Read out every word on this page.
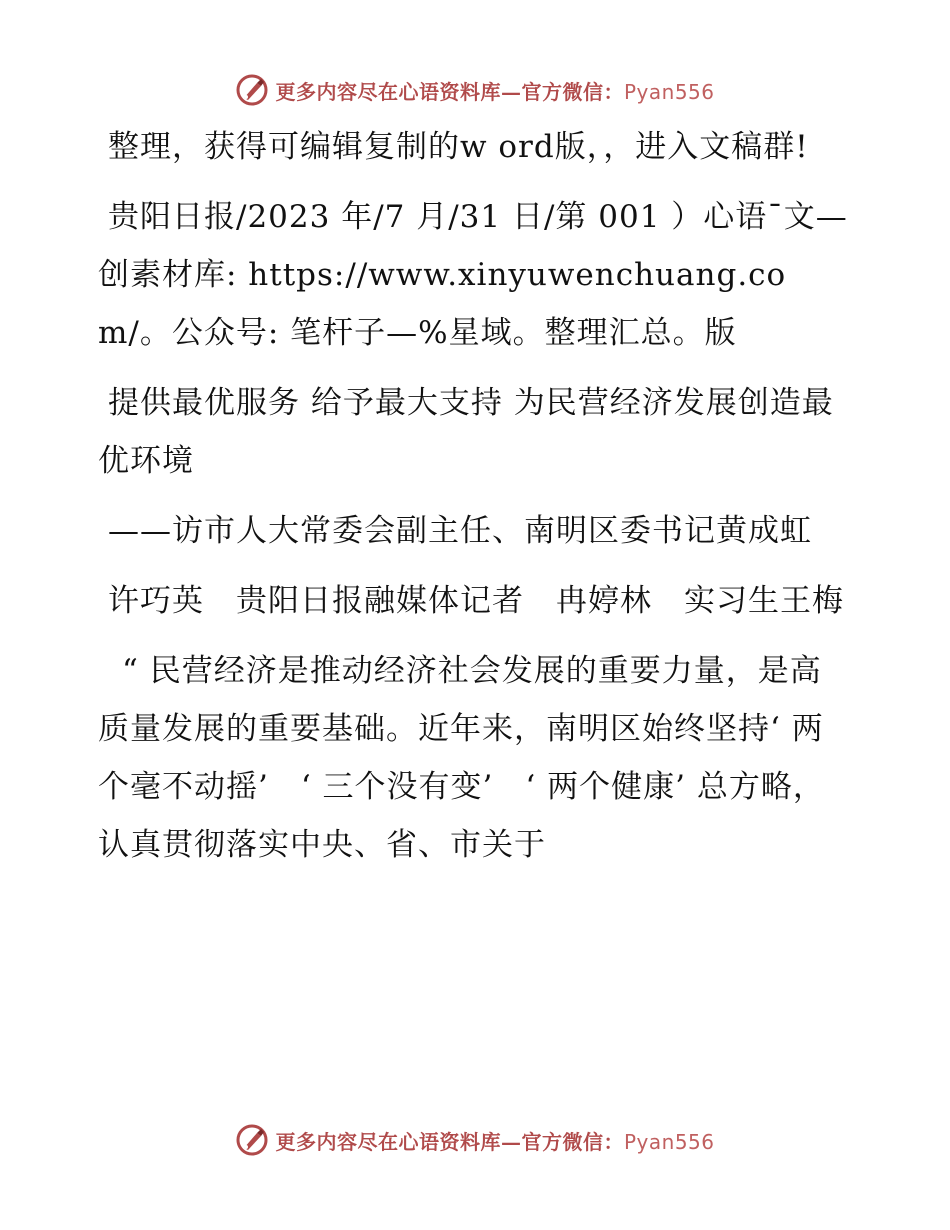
更多内容尽在心语资料库—官方微信：Pyan556

整理，获得可编辑复制的w ord版，，进入文稿群!

贵阳日报/2023 年/7 月/31 日/第 001 ）心语¯文—创素材库: https://www.xinyuwenchuang.com/。公众号: 笔杆子—%星域。整理汇总。版

提供最优服务 给予最大支持 为民营经济发展创造最优环境

——访市人大常委会副主任、南明区委书记黄成虹

许巧英　贵阳日报融媒体记者　冉婷林　实习生王梅

“ 民营经济是推动经济社会发展的重要力量，是高质量发展的重要基础。近年来，南明区始终坚持‘ 两个毫不动摇’　‘ 三个没有变’　‘ 两个健康’ 总方略，认真贯彻落实中央、省、市关于

更多内容尽在心语资料库—官方微信：Pyan556
